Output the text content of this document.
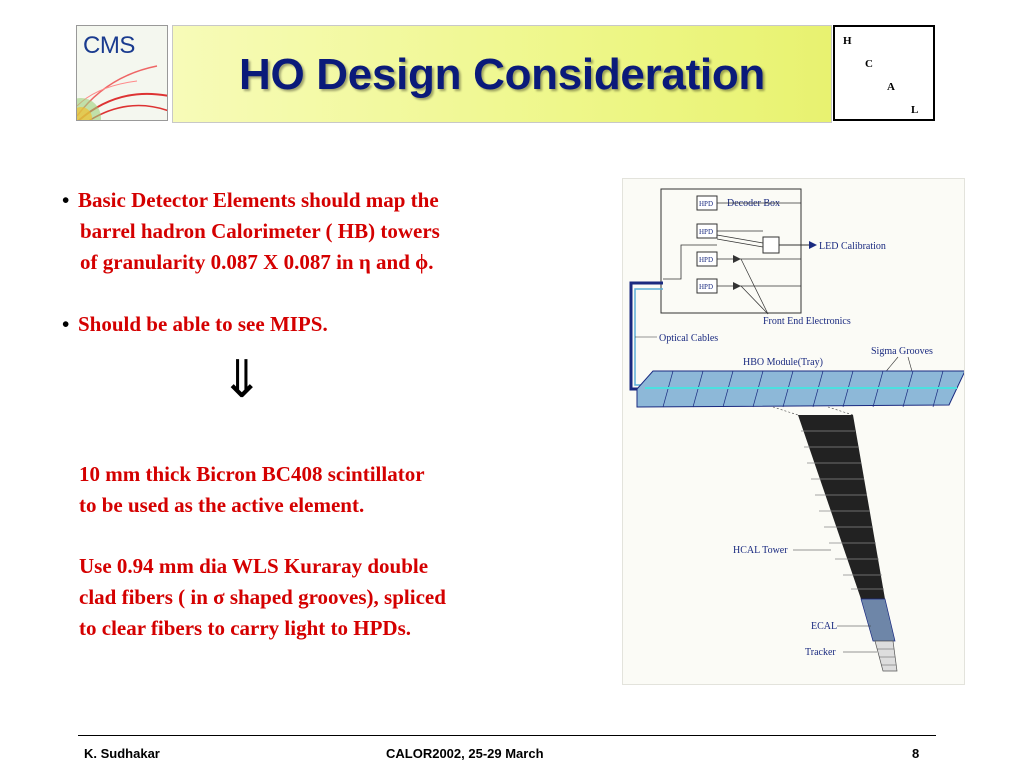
CMS
HO Design Consideration
H
C
A
L
• Basic Detector Elements should map the
barrel hadron Calorimeter ( HB) towers
of granularity 0.087 X 0.087 in η and ϕ.
• Should be able to see MIPS.
⇓
10 mm thick Bicron BC408 scintillator
to be used as the active element.
Use 0.94 mm dia WLS Kuraray double
clad fibers ( in σ shaped grooves), spliced
to clear fibers to carry light to HPDs.
Decoder Box
HPD
HPD
HPD
HPD
LED Calibration
Front End Electronics
Optical Cables
HBO Module(Tray)
Sigma Grooves
HCAL Tower
ECAL
Tracker
K. Sudhakar	CALOR2002, 25-29 March	8
